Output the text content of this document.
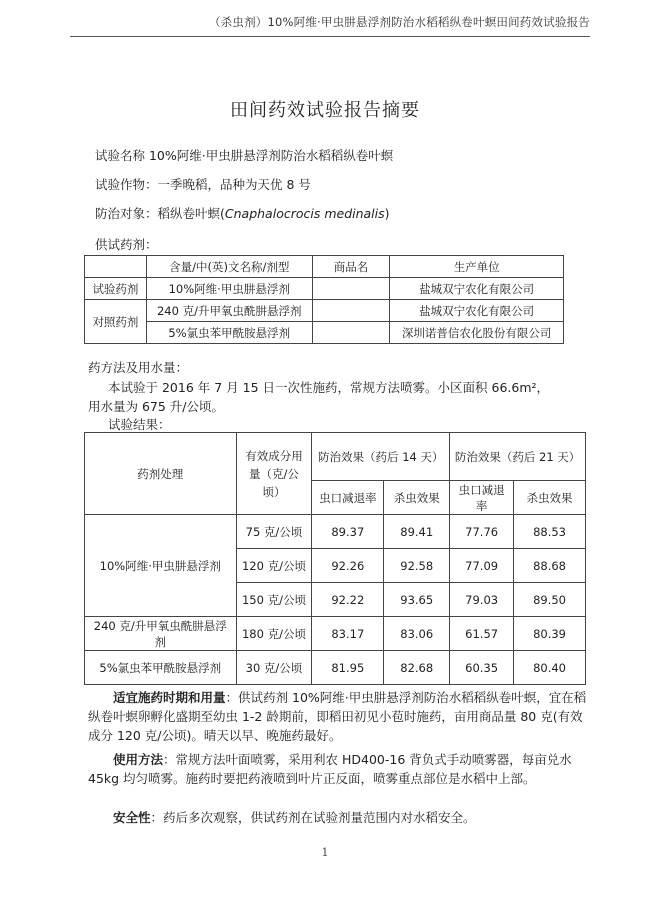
（杀虫剂）10%阿维·甲虫肼悬浮剂防治水稻稻纵卷叶螟田间药效试验报告
田间药效试验报告摘要
试验名称 10%阿维·甲虫肼悬浮剂防治水稻稻纵卷叶螟
试验作物：一季晚稻，品种为天优 8 号
防治对象：稻纵卷叶螟(Cnaphalocrocis medinalis)
供试药剂：
	含量/中(英)文名称/剂型	商品名	生产单位
试验药剂	10%阿维·甲虫肼悬浮剂		盐城双宁农化有限公司
对照药剂	240 克/升甲氧虫酰肼悬浮剂		盐城双宁农化有限公司
	5%氯虫苯甲酰胺悬浮剂		深圳诺普信农化股份有限公司
药方法及用水量：
本试验于 2016 年 7 月 15 日一次性施药，常规方法喷雾。小区面积 66.6m²，
用水量为 675 升/公顷。
试验结果：
药剂处理	有效成分用量（克/公顷）	防治效果（药后 14 天）		防治效果（药后 21 天）	
		虫口减退率	杀虫效果	虫口减退率	杀虫效果
10%阿维·甲虫肼悬浮剂	75 克/公顷	89.37	89.41	77.76	88.53
	120 克/公顷	92.26	92.58	77.09	88.68
	150 克/公顷	92.22	93.65	79.03	89.50
240 克/升甲氧虫酰肼悬浮剂	180 克/公顷	83.17	83.06	61.57	80.39
5%氯虫苯甲酰胺悬浮剂	30 克/公顷	81.95	82.68	60.35	80.40
适宜施药时期和用量：供试药剂 10%阿维·甲虫肼悬浮剂防治水稻稻纵卷叶螟，宜在稻纵卷叶螟卵孵化盛期至幼虫 1-2 龄期前，即稻田初见小苞时施药，亩用商品量 80 克(有效成分 120 克/公顷)。晴天以早、晚施药最好。
使用方法：常规方法叶面喷雾，采用利农 HD400-16 背负式手动喷雾器，每亩兑水 45kg 均匀喷雾。施药时要把药液喷到叶片正反面，喷雾重点部位是水稻中上部。
安全性：药后多次观察，供试药剂在试验剂量范围内对水稻安全。
1
